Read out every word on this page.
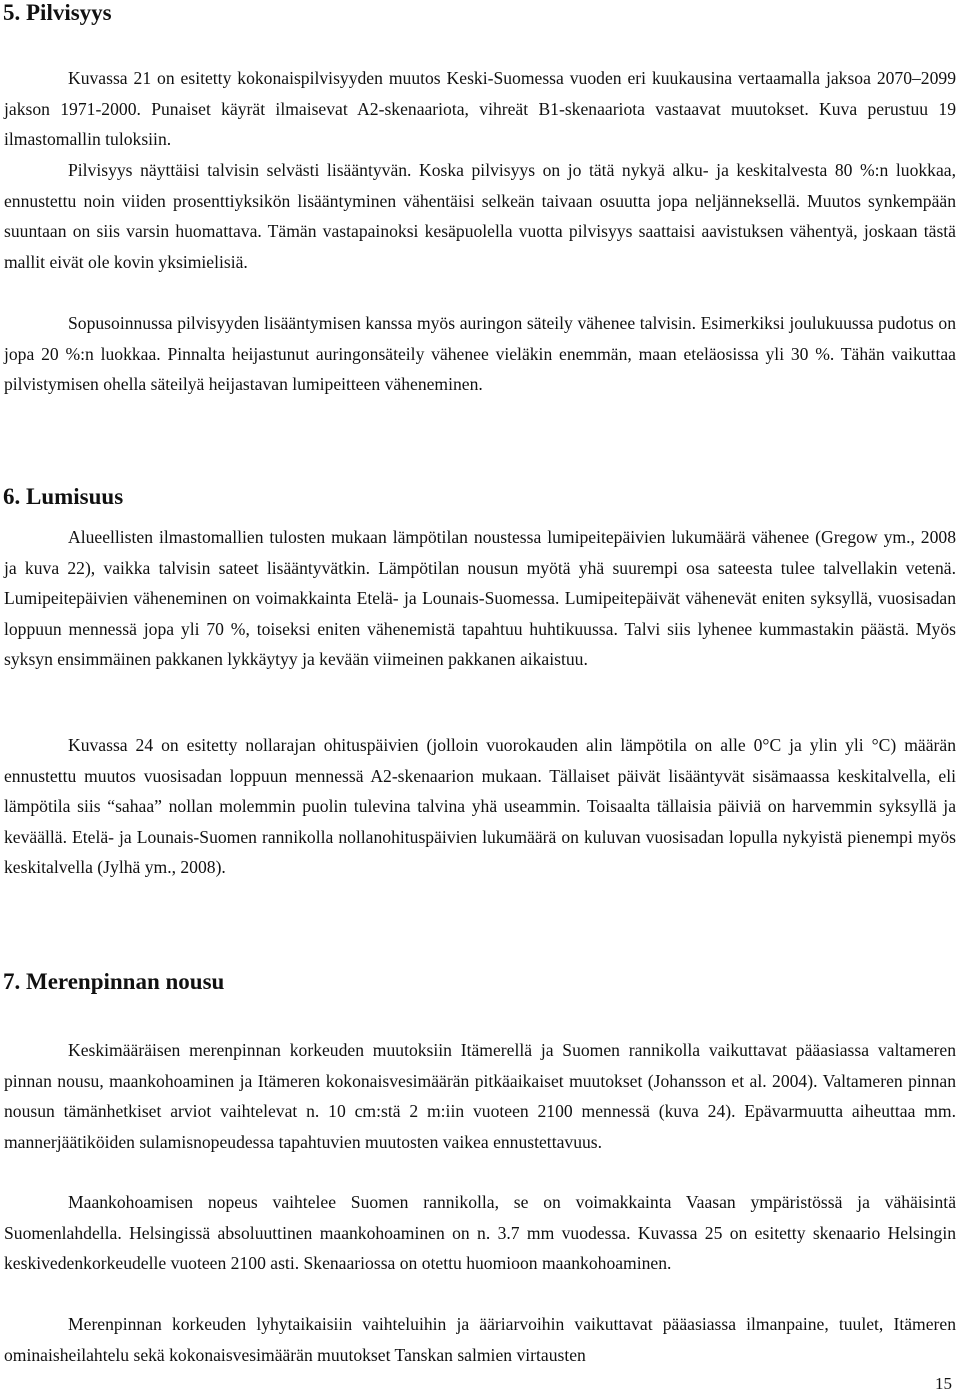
5. Pilvisyys

Kuvassa 21 on esitetty kokonaispilvisyyden muutos Keski-Suomessa vuoden eri kuukausina vertaamalla jaksoa 2070–2099 jakson 1971-2000. Punaiset käyrät ilmaisevat A2-skenaariota, vihreät B1-skenaariota vastaavat muutokset. Kuva perustuu 19 ilmastomallin tuloksiin.

Pilvisyys näyttäisi talvisin selvästi lisääntyvän. Koska pilvisyys on jo tätä nykyä alku- ja keskitalvesta 80 %:n luokkaa, ennustettu noin viiden prosenttiyksikön lisääntyminen vähentäisi selkeän taivaan osuutta jopa neljänneksellä. Muutos synkempään suuntaan on siis varsin huomattava. Tämän vastapainoksi kesäpuolella vuotta pilvisyys saattaisi aavistuksen vähentyä, joskaan tästä mallit eivät ole kovin yksimielisiä.

Sopusoinnussa pilvisyyden lisääntymisen kanssa myös auringon säteily vähenee talvisin. Esimerkiksi joulukuussa pudotus on jopa 20 %:n luokkaa. Pinnalta heijastunut auringonsäteily vähenee vieläkin enemmän, maan eteläosissa yli 30 %. Tähän vaikuttaa pilvistymisen ohella säteilyä heijastavan lumipeitteen väheneminen.

6. Lumisuus

Alueellisten ilmastomallien tulosten mukaan lämpötilan noustessa lumipeitepäivien lukumäärä vähenee (Gregow ym., 2008 ja kuva 22), vaikka talvisin sateet lisääntyvätkin. Lämpötilan nousun myötä yhä suurempi osa sateesta tulee talvellakin vetenä. Lumipeitepäivien väheneminen on voimakkainta Etelä- ja Lounais-Suomessa. Lumipeitepäivät vähenevät eniten syksyllä, vuosisadan loppuun mennessä jopa yli 70 %, toiseksi eniten vähenemistä tapahtuu huhtikuussa. Talvi siis lyhenee kummastakin päästä. Myös syksyn ensimmäinen pakkanen lykkäytyy ja kevään viimeinen pakkanen aikaistuu.

Kuvassa 24 on esitetty nollarajan ohituspäivien (jolloin vuorokauden alin lämpötila on alle 0°C ja ylin yli °C) määrän ennustettu muutos vuosisadan loppuun mennessä A2-skenaarion mukaan. Tällaiset päivät lisääntyvät sisämaassa keskitalvella, eli lämpötila siis “sahaa” nollan molemmin puolin tulevina talvina yhä useammin. Toisaalta tällaisia päiviä on harvemmin syksyllä ja keväällä. Etelä- ja Lounais-Suomen rannikolla nollanohituspäivien lukumäärä on kuluvan vuosisadan lopulla nykyistä pienempi myös keskitalvella (Jylhä ym., 2008).

7. Merenpinnan nousu

Keskimääräisen merenpinnan korkeuden muutoksiin Itämerellä ja Suomen rannikolla vaikuttavat pääasiassa valtameren pinnan nousu, maankohoaminen ja Itämeren kokonaisvesimäärän pitkäaikaiset muutokset (Johansson et al. 2004). Valtameren pinnan nousun tämänhetkiset arviot vaihtelevat n. 10 cm:stä 2 m:iin vuoteen 2100 mennessä (kuva 24). Epävarmuutta aiheuttaa mm. mannerjäätiköiden sulamisnopeudessa tapahtuvien muutosten vaikea ennustettavuus.

Maankohoamisen nopeus vaihtelee Suomen rannikolla, se on voimakkainta Vaasan ympäristössä ja vähäisintä Suomenlahdella. Helsingissä absoluuttinen maankohoaminen on n. 3.7 mm vuodessa. Kuvassa 25 on esitetty skenaario Helsingin keskivedenkorkeudelle vuoteen 2100 asti. Skenaariossa on otettu huomioon maankohoaminen.

Merenpinnan korkeuden lyhytaikaisiin vaihteluihin ja ääriarvoihin vaikuttavat pääasiassa ilmanpaine, tuulet, Itämeren ominaisheilahtelu sekä kokonaisvesimäärän muutokset Tanskan salmien virtausten

15
